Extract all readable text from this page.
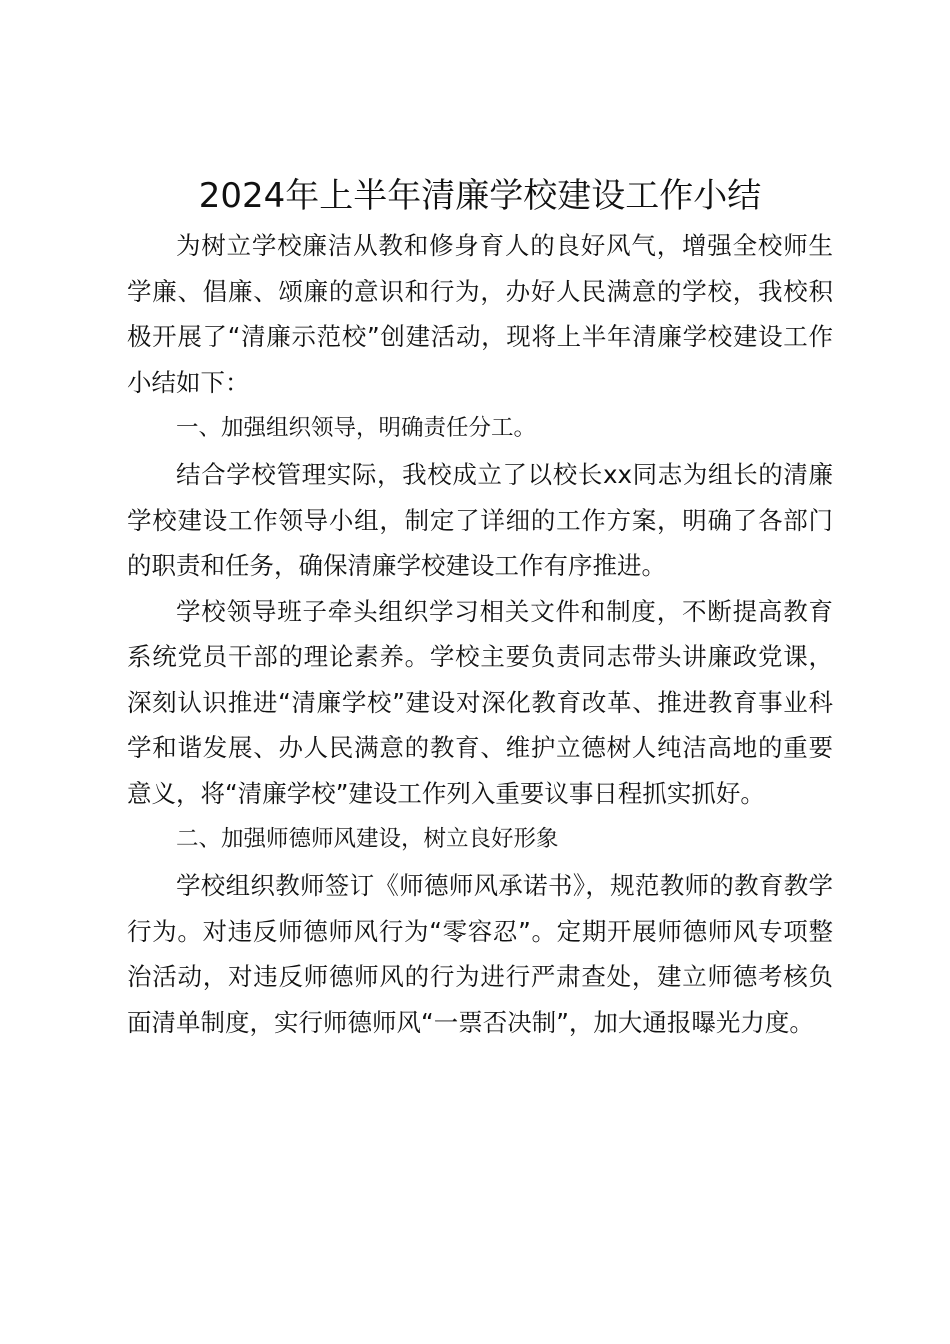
2024年上半年清廉学校建设工作小结

为树立学校廉洁从教和修身育人的良好风气，增强全校师生学廉、倡廉、颂廉的意识和行为，办好人民满意的学校，我校积极开展了“清廉示范校”创建活动，现将上半年清廉学校建设工作小结如下：

一、加强组织领导，明确责任分工。

结合学校管理实际，我校成立了以校长xx同志为组长的清廉学校建设工作领导小组，制定了详细的工作方案，明确了各部门的职责和任务，确保清廉学校建设工作有序推进。

学校领导班子牵头组织学习相关文件和制度，不断提高教育系统党员干部的理论素养。学校主要负责同志带头讲廉政党课，深刻认识推进“清廉学校”建设对深化教育改革、推进教育事业科学和谐发展、办人民满意的教育、维护立德树人纯洁高地的重要意义，将“清廉学校”建设工作列入重要议事日程抓实抓好。

二、加强师德师风建设，树立良好形象

学校组织教师签订《师德师风承诺书》，规范教师的教育教学行为。对违反师德师风行为“零容忍”。定期开展师德师风专项整治活动，对违反师德师风的行为进行严肃查处，建立师德考核负面清单制度，实行师德师风“一票否决制”，加大通报曝光力度。
